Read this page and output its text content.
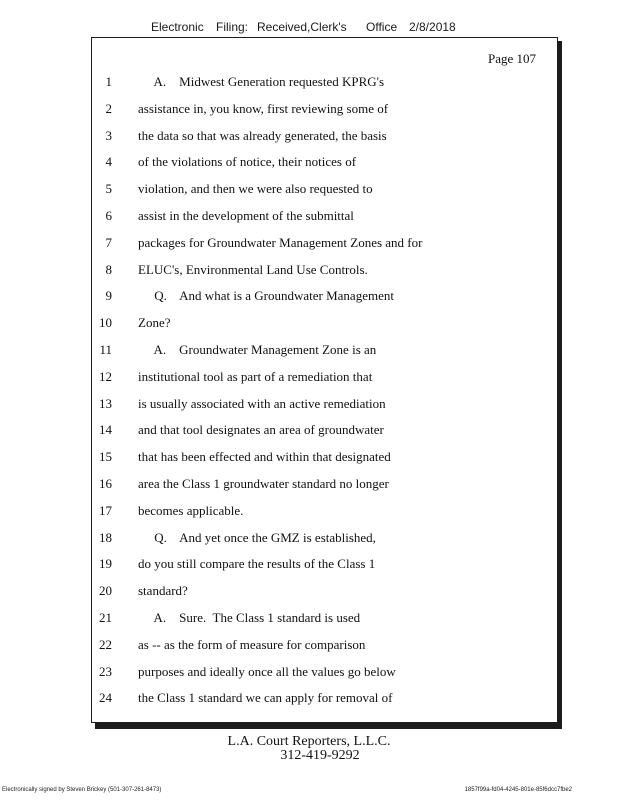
Electronic Filing: Received,Clerk's Office 2/8/2018
Page 107
1 A.    Midwest Generation requested KPRG's
2 assistance in, you know, first reviewing some of
3 the data so that was already generated, the basis
4 of the violations of notice, their notices of
5 violation, and then we were also requested to
6 assist in the development of the submittal
7 packages for Groundwater Management Zones and for
8 ELUC's, Environmental Land Use Controls.
9 Q.    And what is a Groundwater Management
10 Zone?
11 A.    Groundwater Management Zone is an
12 institutional tool as part of a remediation that
13 is usually associated with an active remediation
14 and that tool designates an area of groundwater
15 that has been effected and within that designated
16 area the Class 1 groundwater standard no longer
17 becomes applicable.
18 Q.    And yet once the GMZ is established,
19 do you still compare the results of the Class 1
20 standard?
21 A.    Sure.  The Class 1 standard is used
22 as -- as the form of measure for comparison
23 purposes and ideally once all the values go below
24 the Class 1 standard we can apply for removal of
L.A. Court Reporters, L.L.C.
312-419-9292
Electronically signed by Steven Brickey (501-307-261-8473)	1857f99a-fd04-4245-801e-85f6dcc7fbe2
